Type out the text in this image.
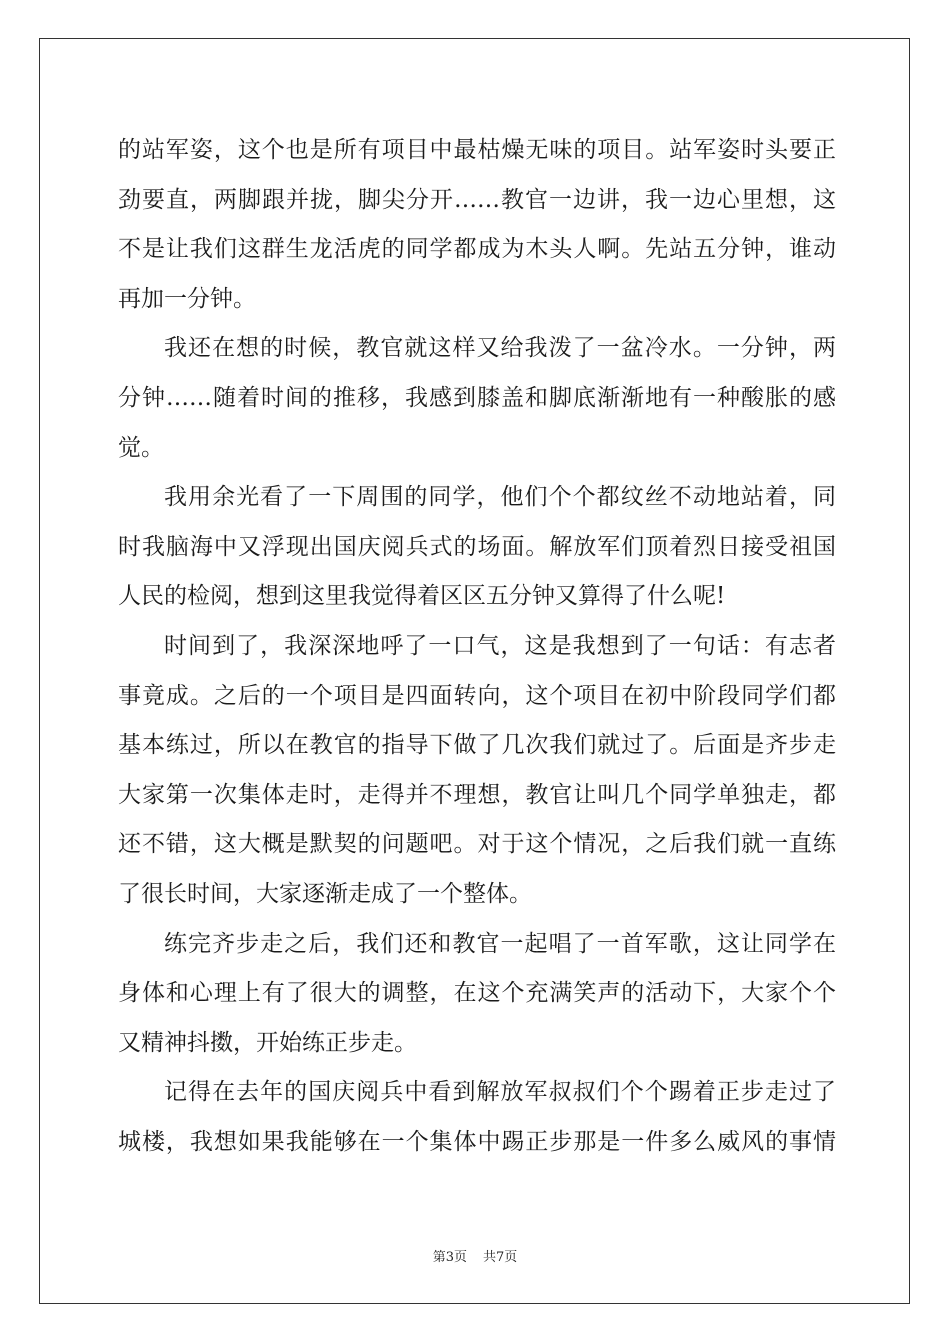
的站军姿，这个也是所有项目中最枯燥无味的项目。站军姿时头要正
劲要直，两脚跟并拢，脚尖分开……教官一边讲，我一边心里想，这
不是让我们这群生龙活虎的同学都成为木头人啊。先站五分钟，谁动
再加一分钟。
我还在想的时候，教官就这样又给我泼了一盆冷水。一分钟，两
分钟……随着时间的推移，我感到膝盖和脚底渐渐地有一种酸胀的感
觉。
我用余光看了一下周围的同学，他们个个都纹丝不动地站着，同
时我脑海中又浮现出国庆阅兵式的场面。解放军们顶着烈日接受祖国
人民的检阅，想到这里我觉得着区区五分钟又算得了什么呢!
时间到了，我深深地呼了一口气，这是我想到了一句话：有志者
事竟成。之后的一个项目是四面转向，这个项目在初中阶段同学们都
基本练过，所以在教官的指导下做了几次我们就过了。后面是齐步走
大家第一次集体走时，走得并不理想，教官让叫几个同学单独走，都
还不错，这大概是默契的问题吧。对于这个情况，之后我们就一直练
了很长时间，大家逐渐走成了一个整体。
练完齐步走之后，我们还和教官一起唱了一首军歌，这让同学在
身体和心理上有了很大的调整，在这个充满笑声的活动下，大家个个
又精神抖擞，开始练正步走。
记得在去年的国庆阅兵中看到解放军叔叔们个个踢着正步走过了
城楼，我想如果我能够在一个集体中踢正步那是一件多么威风的事情
第3页 共7页
